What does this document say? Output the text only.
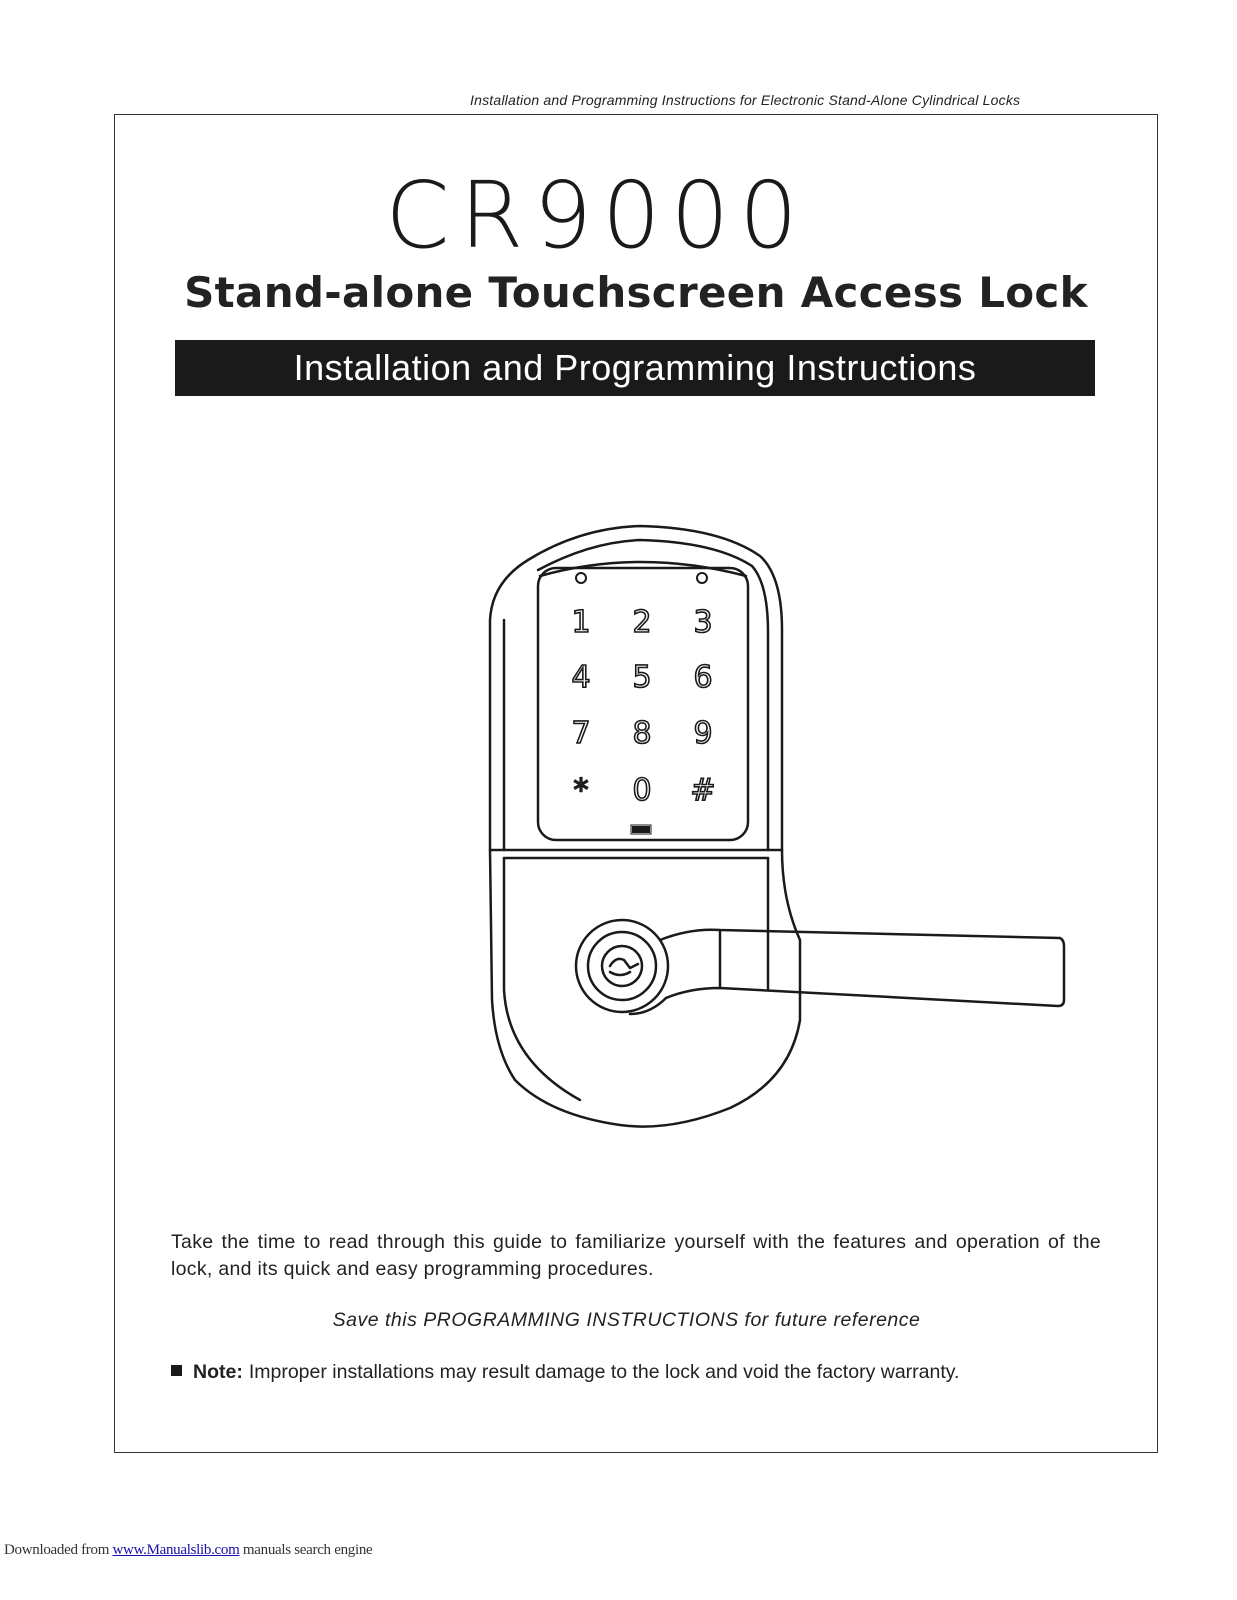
Installation and Programming Instructions for Electronic Stand-Alone Cylindrical Locks
CR9000
Stand-alone Touchscreen Access Lock
Installation and Programming Instructions
1 2 3
4 5 6
7 8 9
* 0 #
Take the time to read through this guide to familiarize yourself with the features and operation of the lock, and its quick and easy programming procedures.
Save this PROGRAMMING INSTRUCTIONS for future reference
Note: Improper installations may result damage to the lock and void the factory warranty.
Downloaded from www.Manualslib.com manuals search engine
